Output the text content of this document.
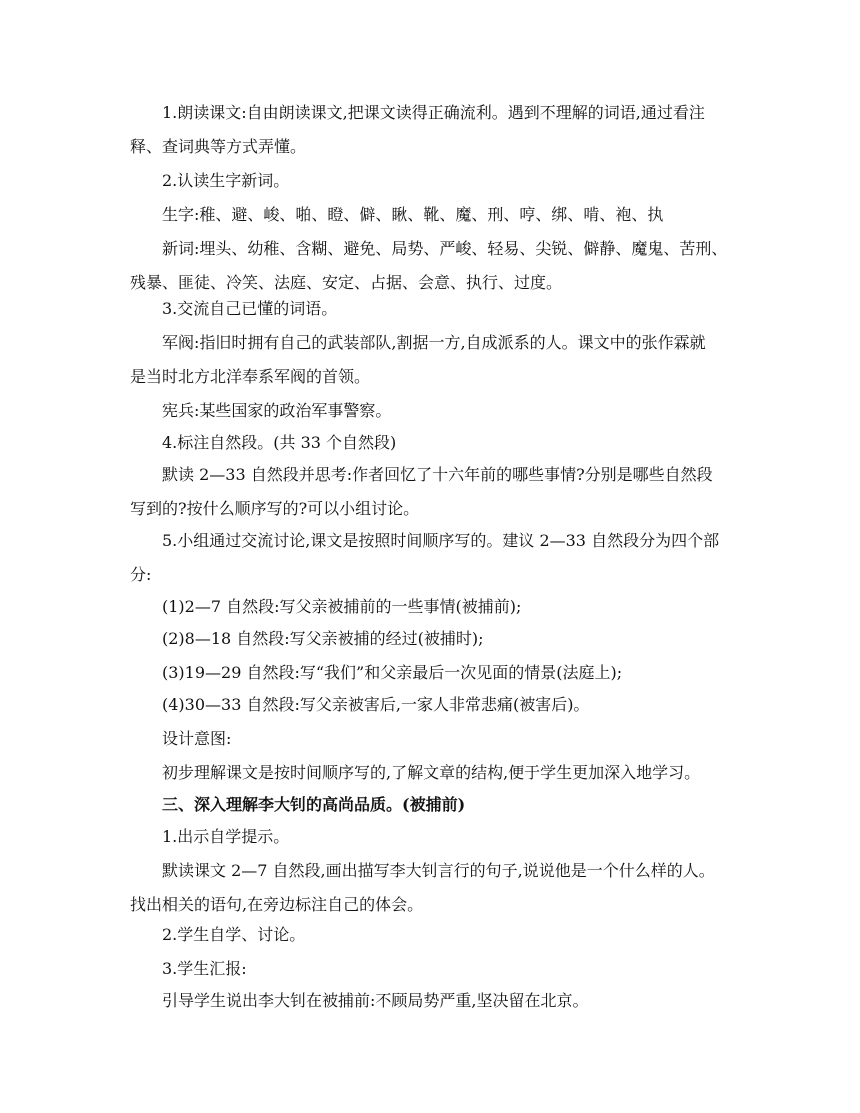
1.朗读课文:自由朗读课文,把课文读得正确流利。遇到不理解的词语,通过看注
释、查词典等方式弄懂。
2.认读生字新词。
生字:稚、避、峻、啪、瞪、僻、瞅、靴、魔、刑、哼、绑、啃、袍、执
新词:埋头、幼稚、含糊、避免、局势、严峻、轻易、尖锐、僻静、魔鬼、苦刑、
残暴、匪徒、冷笑、法庭、安定、占据、会意、执行、过度。
3.交流自己已懂的词语。
军阀:指旧时拥有自己的武装部队,割据一方,自成派系的人。课文中的张作霖就
是当时北方北洋奉系军阀的首领。
宪兵:某些国家的政治军事警察。
4.标注自然段。(共 33 个自然段)
默读 2—33 自然段并思考:作者回忆了十六年前的哪些事情?分别是哪些自然段
写到的?按什么顺序写的?可以小组讨论。
5.小组通过交流讨论,课文是按照时间顺序写的。建议 2—33 自然段分为四个部
分:
(1)2—7 自然段:写父亲被捕前的一些事情(被捕前);
(2)8—18 自然段:写父亲被捕的经过(被捕时);
(3)19—29 自然段:写“我们”和父亲最后一次见面的情景(法庭上);
(4)30—33 自然段:写父亲被害后,一家人非常悲痛(被害后)。
设计意图:
初步理解课文是按时间顺序写的,了解文章的结构,便于学生更加深入地学习。
三、深入理解李大钊的高尚品质。(被捕前)
1.出示自学提示。
默读课文 2—7 自然段,画出描写李大钊言行的句子,说说他是一个什么样的人。
找出相关的语句,在旁边标注自己的体会。
2.学生自学、讨论。
3.学生汇报:
引导学生说出李大钊在被捕前:不顾局势严重,坚决留在北京。
